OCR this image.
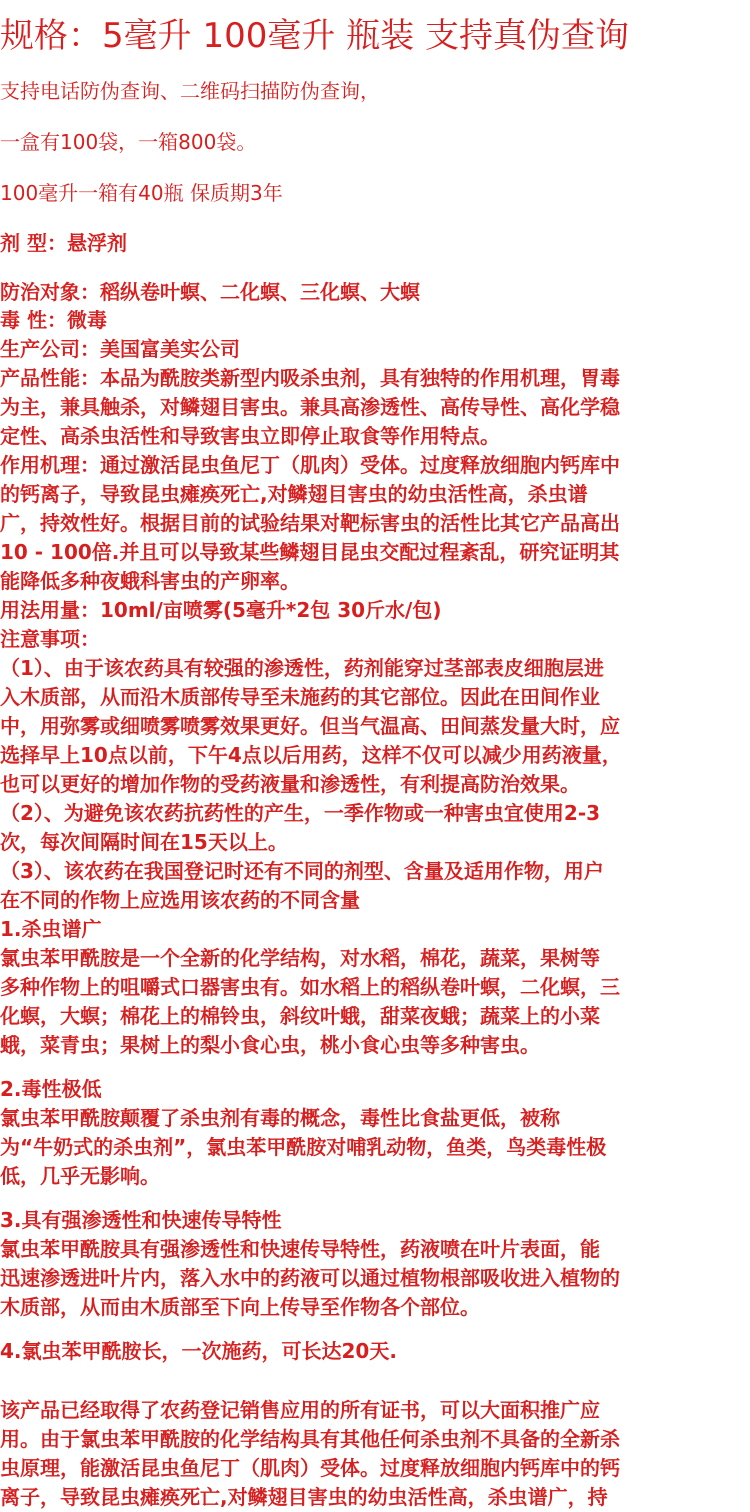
规格：5毫升 100毫升 瓶装 支持真伪查询
支持电话防伪查询、二维码扫描防伪查询，
一盒有100袋，一箱800袋。
100毫升一箱有40瓶 保质期3年
剂 型：悬浮剂
防治对象：稻纵卷叶螟、二化螟、三化螟、大螟
毒 性：微毒
生产公司：美国富美实公司
产品性能：本品为酰胺类新型内吸杀虫剂，具有独特的作用机理，胃毒
为主，兼具触杀，对鳞翅目害虫。兼具高渗透性、高传导性、高化学稳
定性、高杀虫活性和导致害虫立即停止取食等作用特点。
作用机理：通过激活昆虫鱼尼丁（肌肉）受体。过度释放细胞内钙库中
的钙离子，导致昆虫瘫痪死亡,对鳞翅目害虫的幼虫活性高，杀虫谱
广，持效性好。根据目前的试验结果对靶标害虫的活性比其它产品高出
10 - 100倍.并且可以导致某些鳞翅目昆虫交配过程紊乱，研究证明其
能降低多种夜蛾科害虫的产卵率。
用法用量：10ml/亩喷雾(5毫升*2包 30斤水/包)
注意事项：
（1）、由于该农药具有较强的渗透性，药剂能穿过茎部表皮细胞层进
入木质部，从而沿木质部传导至未施药的其它部位。因此在田间作业
中，用弥雾或细喷雾喷雾效果更好。但当气温高、田间蒸发量大时，应
选择早上10点以前，下午4点以后用药，这样不仅可以减少用药液量，
也可以更好的增加作物的受药液量和渗透性，有利提高防治效果。
（2）、为避免该农药抗药性的产生，一季作物或一种害虫宜使用2-3
次，每次间隔时间在15天以上。
（3）、该农药在我国登记时还有不同的剂型、含量及适用作物，用户
在不同的作物上应选用该农药的不同含量
1.杀虫谱广
氯虫苯甲酰胺是一个全新的化学结构，对水稻，棉花，蔬菜，果树等
多种作物上的咀嚼式口器害虫有。如水稻上的稻纵卷叶螟，二化螟，三
化螟，大螟；棉花上的棉铃虫，斜纹叶蛾，甜菜夜蛾；蔬菜上的小菜
蛾，菜青虫；果树上的梨小食心虫，桃小食心虫等多种害虫。
2.毒性极低
氯虫苯甲酰胺颠覆了杀虫剂有毒的概念，毒性比食盐更低，被称
为“牛奶式的杀虫剂”，氯虫苯甲酰胺对哺乳动物，鱼类，鸟类毒性极
低，几乎无影响。
3.具有强渗透性和快速传导特性
氯虫苯甲酰胺具有强渗透性和快速传导特性，药液喷在叶片表面，能
迅速渗透进叶片内，落入水中的药液可以通过植物根部吸收进入植物的
木质部，从而由木质部至下向上传导至作物各个部位。
4.氯虫苯甲酰胺长，一次施药，可长达20天.
该产品已经取得了农药登记销售应用的所有证书，可以大面积推广应
用。由于氯虫苯甲酰胺的化学结构具有其他任何杀虫剂不具备的全新杀
虫原理，能激活昆虫鱼尼丁（肌肉）受体。过度释放细胞内钙库中的钙
离子，导致昆虫瘫痪死亡,对鳞翅目害虫的幼虫活性高，杀虫谱广，持
